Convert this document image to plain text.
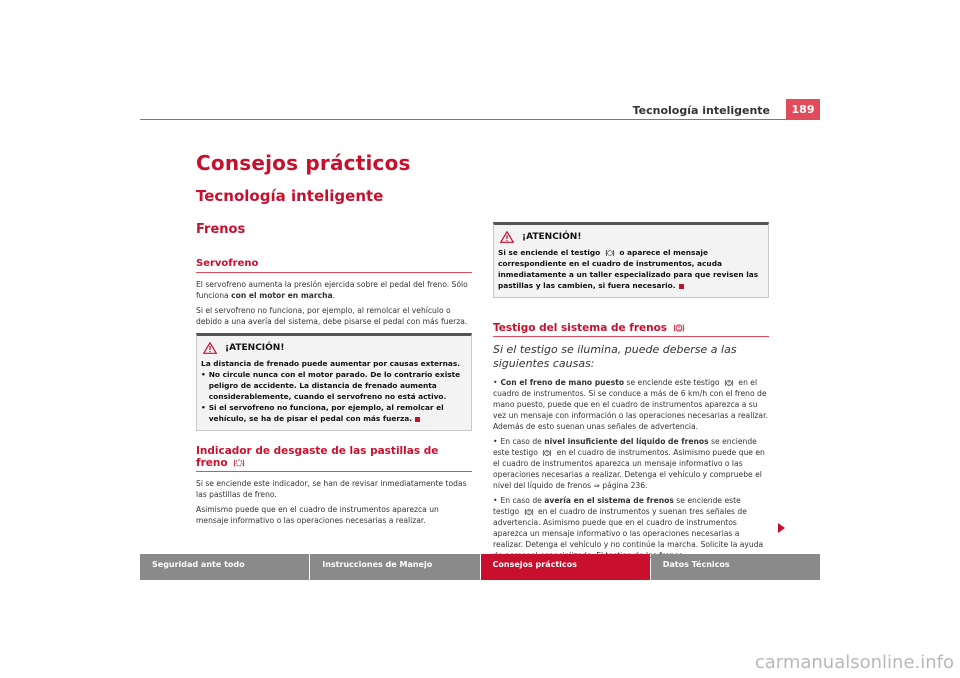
Tecnología inteligente	189
Consejos prácticos
Tecnología inteligente
Frenos
Servofreno

El servofreno aumenta la presión ejercida sobre el pedal del freno. Sólo funciona con el motor en marcha.

Si el servofreno no funciona, por ejemplo, al remolcar el vehículo o debido a una avería del sistema, debe pisarse el pedal con más fuerza.

¡ATENCIÓN!
La distancia de frenado puede aumentar por causas externas.
• No circule nunca con el motor parado. De lo contrario existe peligro de accidente. La distancia de frenado aumenta considerablemente, cuando el servofreno no está activo.
• Si el servofreno no funciona, por ejemplo, al remolcar el vehículo, se ha de pisar el pedal con más fuerza.
Indicador de desgaste de las pastillas de freno

Si se enciende este indicador, se han de revisar inmediatamente todas las pastillas de freno.

Asimismo puede que en el cuadro de instrumentos aparezca un mensaje informativo o las operaciones necesarias a realizar.

¡ATENCIÓN!
Si se enciende el testigo	o aparece el mensaje correspondiente en el cuadro de instrumentos, acuda inmediatamente a un taller especializado para que revisen las pastillas y las cambien, si fuera necesario.
Testigo del sistema de frenos !
Si el testigo se ilumina, puede deberse a las siguientes causas:

• Con el freno de mano puesto se enciende este testigo ! en el cuadro de instrumentos. Si se conduce a más de 6 km/h con el freno de mano puesto, puede que en el cuadro de instrumentos aparezca a su vez un mensaje con información o las operaciones necesarias a realizar. Además de esto suenan unas señales de advertencia.

• En caso de nivel insuficiente del líquido de frenos se enciende este testigo ! en el cuadro de instrumentos. Asimismo puede que en el cuadro de instrumentos aparezca un mensaje informativo o las operaciones necesarias a realizar. Detenga el vehículo y compruebe el nivel del líquido de frenos ⇒ página 236.

• En caso de avería en el sistema de frenos se enciende este testigo ! en el cuadro de instrumentos y suenan tres señales de advertencia. Asimismo puede que en el cuadro de instrumentos aparezca un mensaje informativo o las operaciones necesarias a realizar. Detenga el vehículo y no continúe la marcha. Solicite la ayuda

Seguridad ante todo	Instrucciones de Manejo	Consejos prácticos	Datos Técnicos
carmanualsonline.info
